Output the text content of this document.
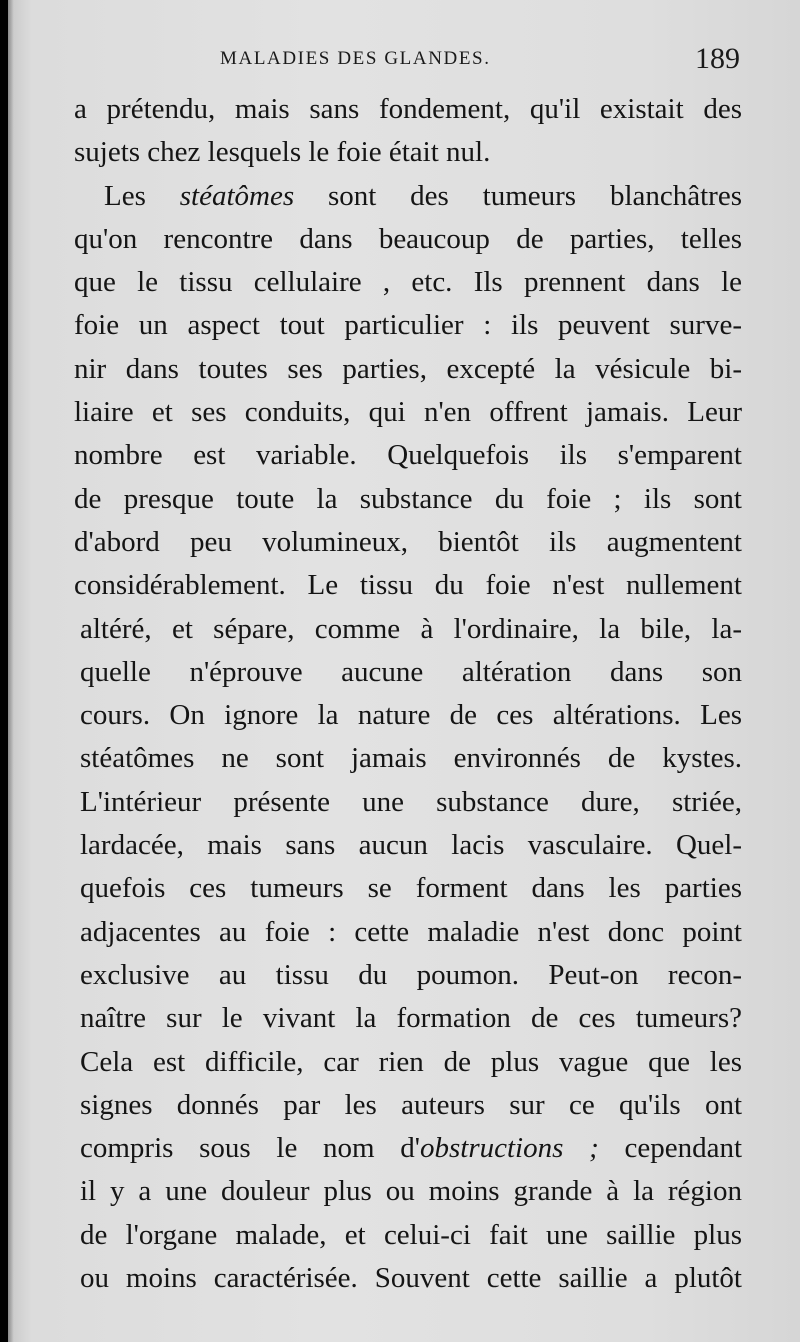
MALADIES DES GLANDES.	189
a prétendu, mais sans fondement, qu'il existait des
sujets chez lesquels le foie était nul.
Les stéatômes sont des tumeurs blanchâtres
qu'on rencontre dans beaucoup de parties, telles
que le tissu cellulaire , etc. Ils prennent dans le
foie un aspect tout particulier : ils peuvent surve-
nir dans toutes ses parties, excepté la vésicule bi-
liaire et ses conduits, qui n'en offrent jamais. Leur
nombre est variable. Quelquefois ils s'emparent
de presque toute la substance du foie ; ils sont
d'abord peu volumineux, bientôt ils augmentent
considérablement. Le tissu du foie n'est nullement
altéré, et sépare, comme à l'ordinaire, la bile, la-
quelle n'éprouve aucune altération dans son
cours. On ignore la nature de ces altérations. Les
stéatômes ne sont jamais environnés de kystes.
L'intérieur présente une substance dure, striée,
lardacée, mais sans aucun lacis vasculaire. Quel-
quefois ces tumeurs se forment dans les parties
adjacentes au foie : cette maladie n'est donc point
exclusive au tissu du poumon. Peut-on recon-
naître sur le vivant la formation de ces tumeurs?
Cela est difficile, car rien de plus vague que les
signes donnés par les auteurs sur ce qu'ils ont
compris sous le nom d'obstructions ; cependant
il y a une douleur plus ou moins grande à la région
de l'organe malade, et celui-ci fait une saillie plus
ou moins caractérisée. Souvent cette saillie a plutôt
